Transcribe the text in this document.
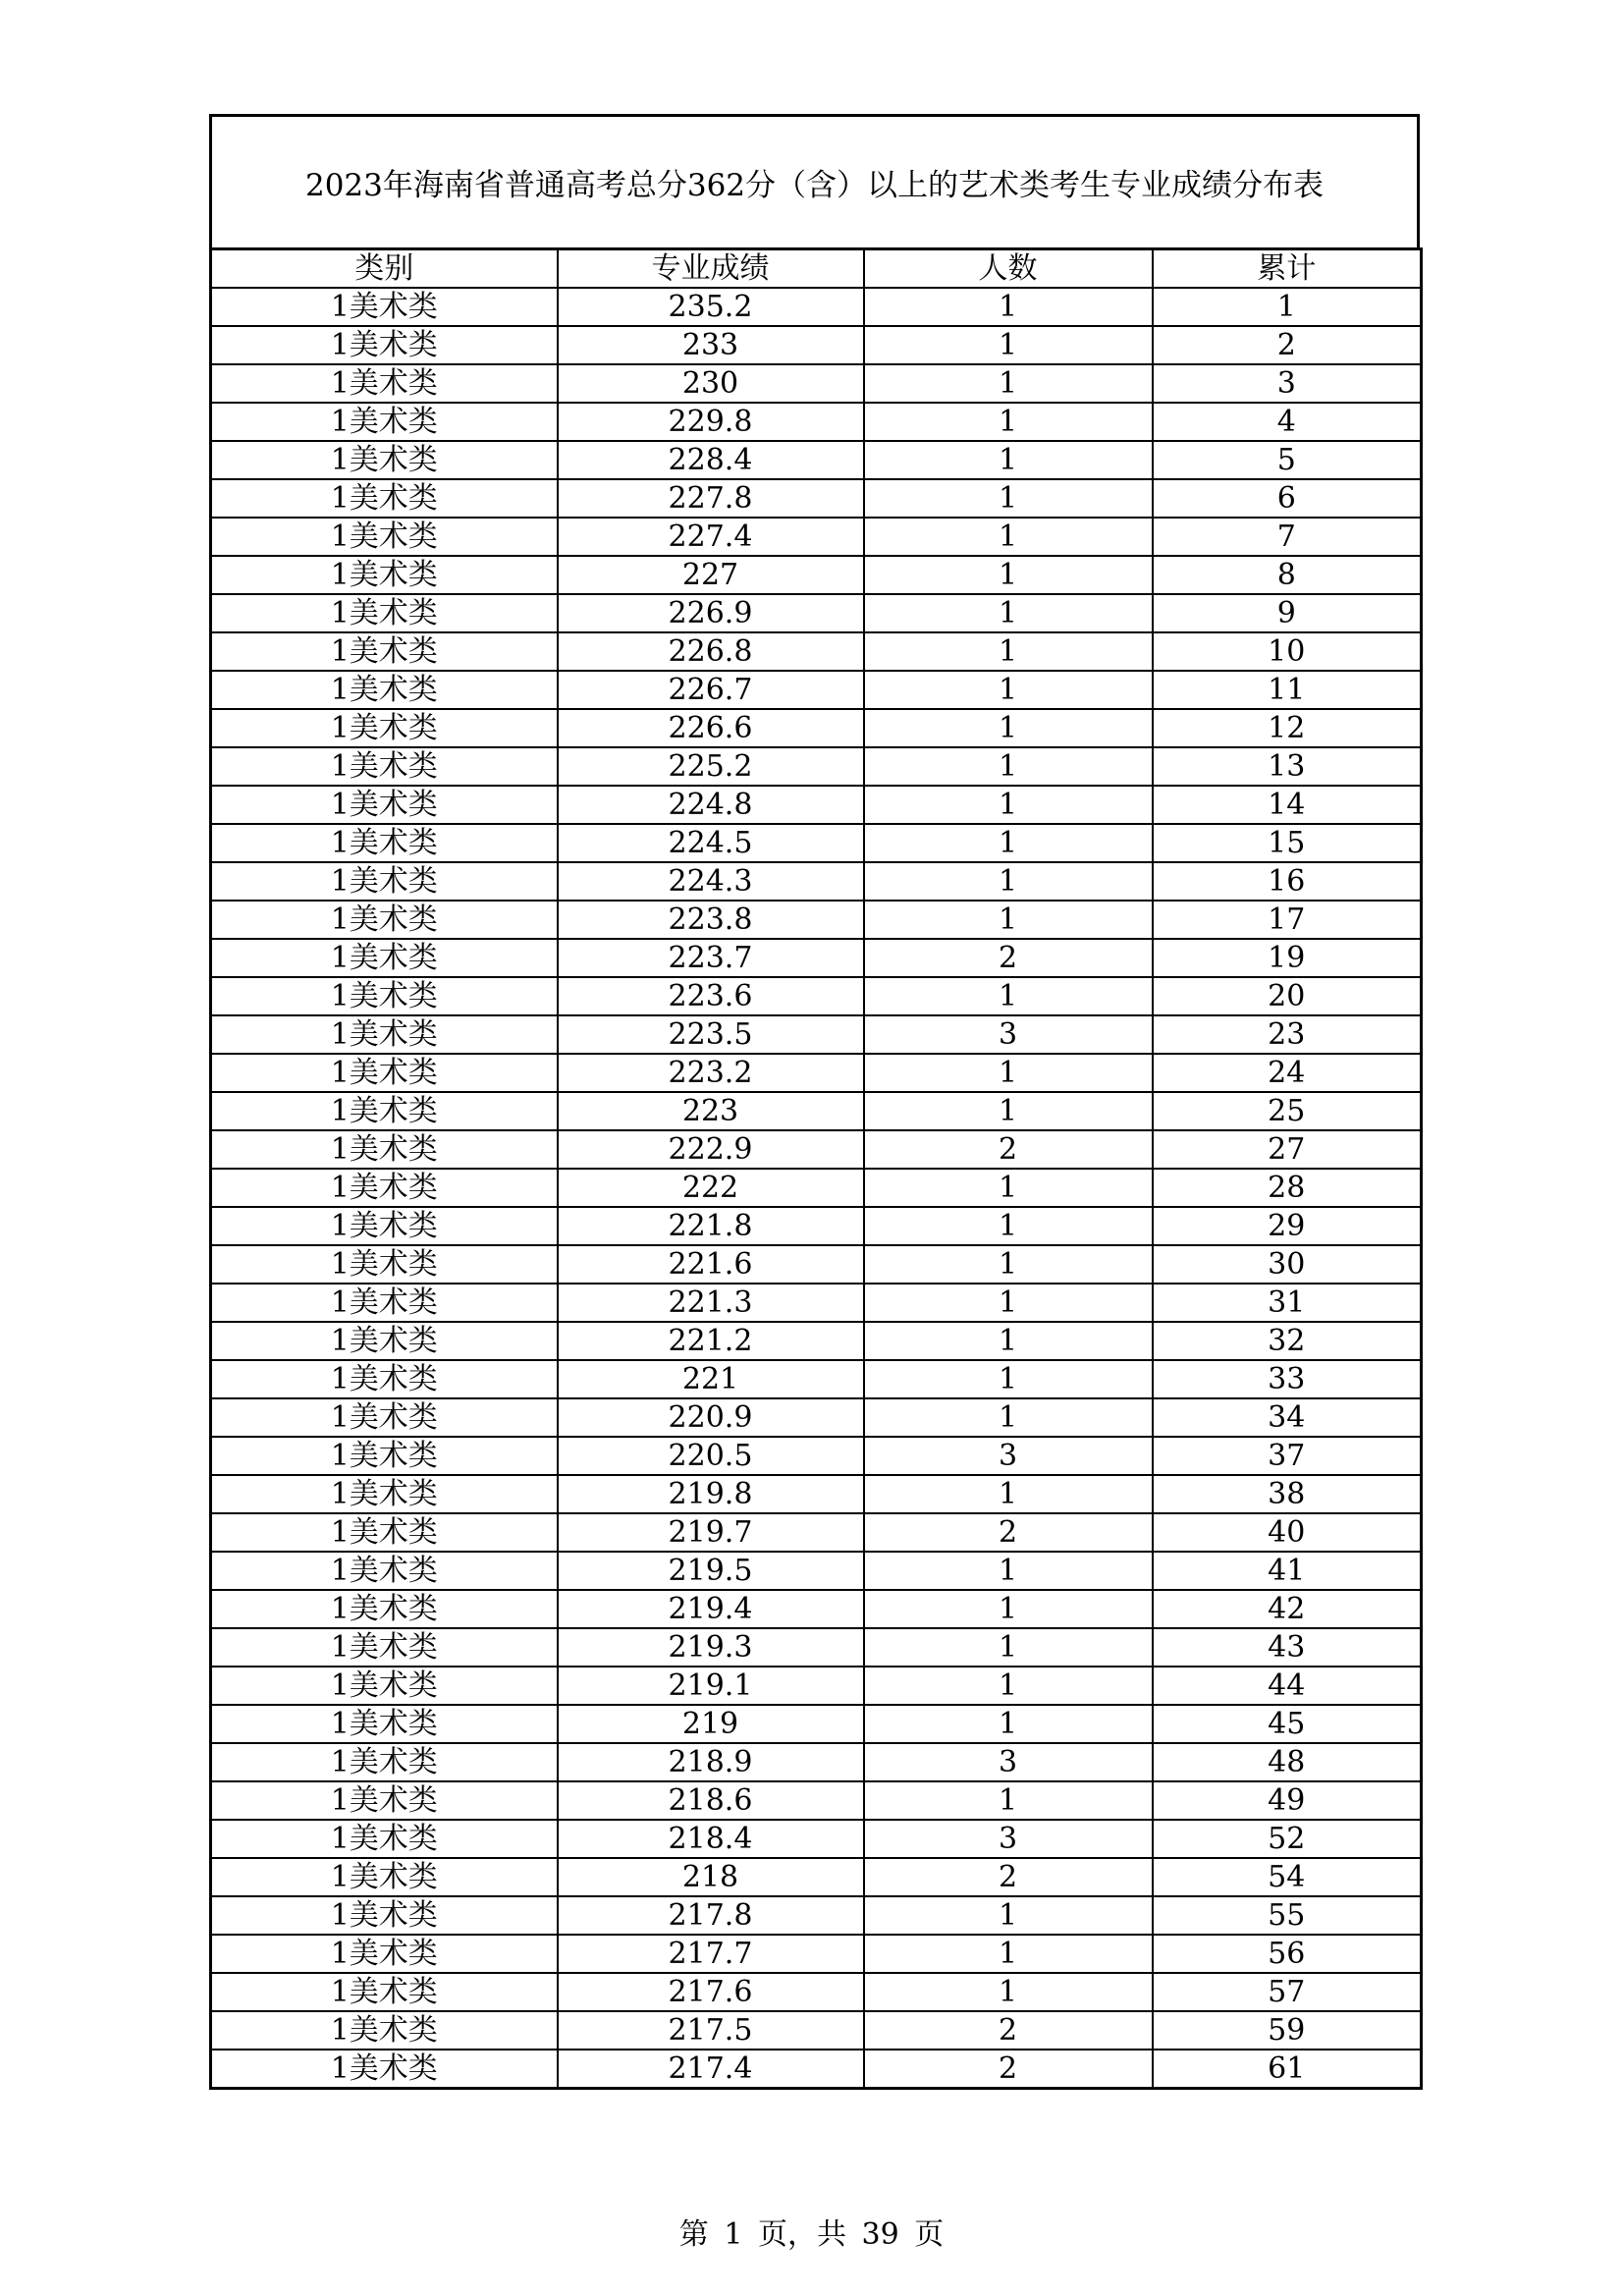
2023年海南省普通高考总分362分（含）以上的艺术类考生专业成绩分布表
类别	专业成绩	人数	累计
1美术类	235.2	1	1
1美术类	233	1	2
1美术类	230	1	3
1美术类	229.8	1	4
1美术类	228.4	1	5
1美术类	227.8	1	6
1美术类	227.4	1	7
1美术类	227	1	8
1美术类	226.9	1	9
1美术类	226.8	1	10
1美术类	226.7	1	11
1美术类	226.6	1	12
1美术类	225.2	1	13
1美术类	224.8	1	14
1美术类	224.5	1	15
1美术类	224.3	1	16
1美术类	223.8	1	17
1美术类	223.7	2	19
1美术类	223.6	1	20
1美术类	223.5	3	23
1美术类	223.2	1	24
1美术类	223	1	25
1美术类	222.9	2	27
1美术类	222	1	28
1美术类	221.8	1	29
1美术类	221.6	1	30
1美术类	221.3	1	31
1美术类	221.2	1	32
1美术类	221	1	33
1美术类	220.9	1	34
1美术类	220.5	3	37
1美术类	219.8	1	38
1美术类	219.7	2	40
1美术类	219.5	1	41
1美术类	219.4	1	42
1美术类	219.3	1	43
1美术类	219.1	1	44
1美术类	219	1	45
1美术类	218.9	3	48
1美术类	218.6	1	49
1美术类	218.4	3	52
1美术类	218	2	54
1美术类	217.8	1	55
1美术类	217.7	1	56
1美术类	217.6	1	57
1美术类	217.5	2	59
1美术类	217.4	2	61
第 1 页，共 39 页
